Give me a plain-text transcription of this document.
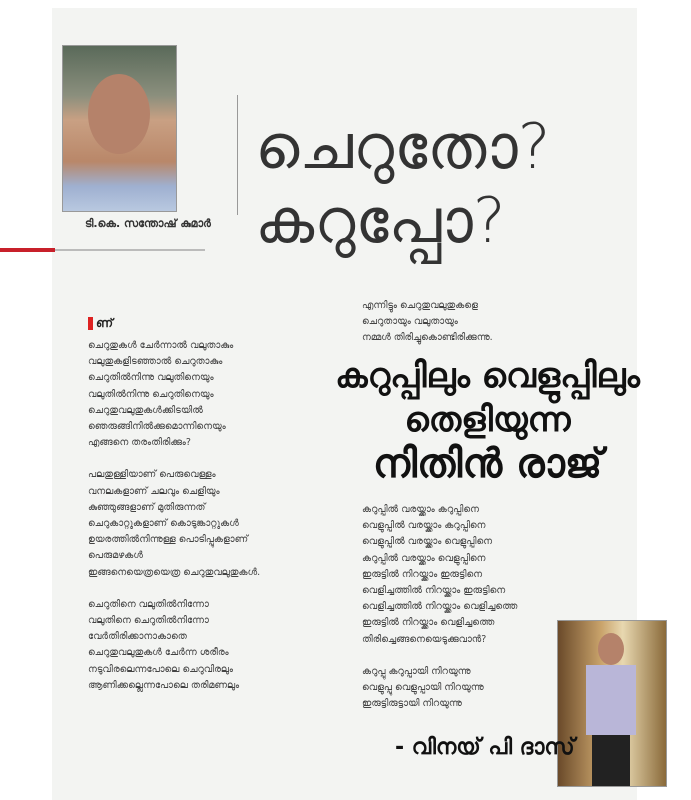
ചെറുതോ?
കറുപ്പോ?
ടി.കെ. സന്തോഷ് കുമാർ
ണ്

ചെറുതുകൾ ചേർന്നാൽ വലുതാകും
വലുതുകളിടഞ്ഞാൽ ചെറുതാകും
ചെറുതിൽനിന്നു വലുതിനെയും
വലുതിൽനിന്നു ചെറുതിനെയും
ചെറുതുവലുതുകൾക്കിടയിൽ
ഞെരുങ്ങിനിൽക്കുമൊന്നിനെയും
എങ്ങനെ തരംതിരിക്കും?

പലതുള്ളിയാണ് പെരുവെള്ളം
വനലകളാണ് ചലവും ചെളിയും
കുഞ്ഞുങ്ങളാണ് മുതിരുന്നത്
ചെറുകാറ്റുകളാണ് കൊടുങ്കാറ്റുകൾ
ഉയരത്തിൽനിന്നുള്ള പൊടിപ്പുകളാണ്
പെരുമഴകൾ
ഇങ്ങനെയെത്രയെത്ര ചെറുതുവലുതുകൾ.

ചെറുതിനെ വലുതിൽനിന്നോ
വലുതിനെ ചെറുതിൽനിന്നോ
വേർതിരിക്കാനാകാതെ
ചെറുതുവലുതുകൾ ചേർന്ന ശരീരം
നടുവിരലെന്നപോലെ ചെറുവിരലും
ആണിക്കല്ലെന്നപോലെ തരിമണലും

എന്നിട്ടും ചെറുതുവലുതുകളെ
ചെറുതായും വലുതായും
നമ്മൾ തിരിച്ചുകൊണ്ടിരിക്കുന്നു.

കറുപ്പിലും വെളുപ്പിലും
തെളിയുന്ന
നിതിൻ രാജ്

കറുപ്പിൽ വരയ്ക്കാം കറുപ്പിനെ
വെളുപ്പിൽ വരയ്ക്കാം കറുപ്പിനെ
വെളുപ്പിൽ വരയ്ക്കാം വെളുപ്പിനെ
കറുപ്പിൽ വരയ്ക്കാം വെളുപ്പിനെ
ഇരുട്ടിൽ നിറയ്ക്കാം ഇരുട്ടിനെ
വെളിച്ചത്തിൽ നിറയ്ക്കാം ഇരുട്ടിനെ
വെളിച്ചത്തിൽ നിറയ്ക്കാം വെളിച്ചത്തെ
ഇരുട്ടിൽ നിറയ്ക്കാം വെളിച്ചത്തെ
തിരിച്ചെങ്ങനെയെടുക്കുവാൻ?

കറുപ്പു കറുപ്പായി നിറയുന്നു
വെളുപ്പു വെളുപ്പായി നിറയുന്നു
ഇരുട്ടിരുട്ടായി നിറയുന്നു

- വിനയ് പി ദാസ്
